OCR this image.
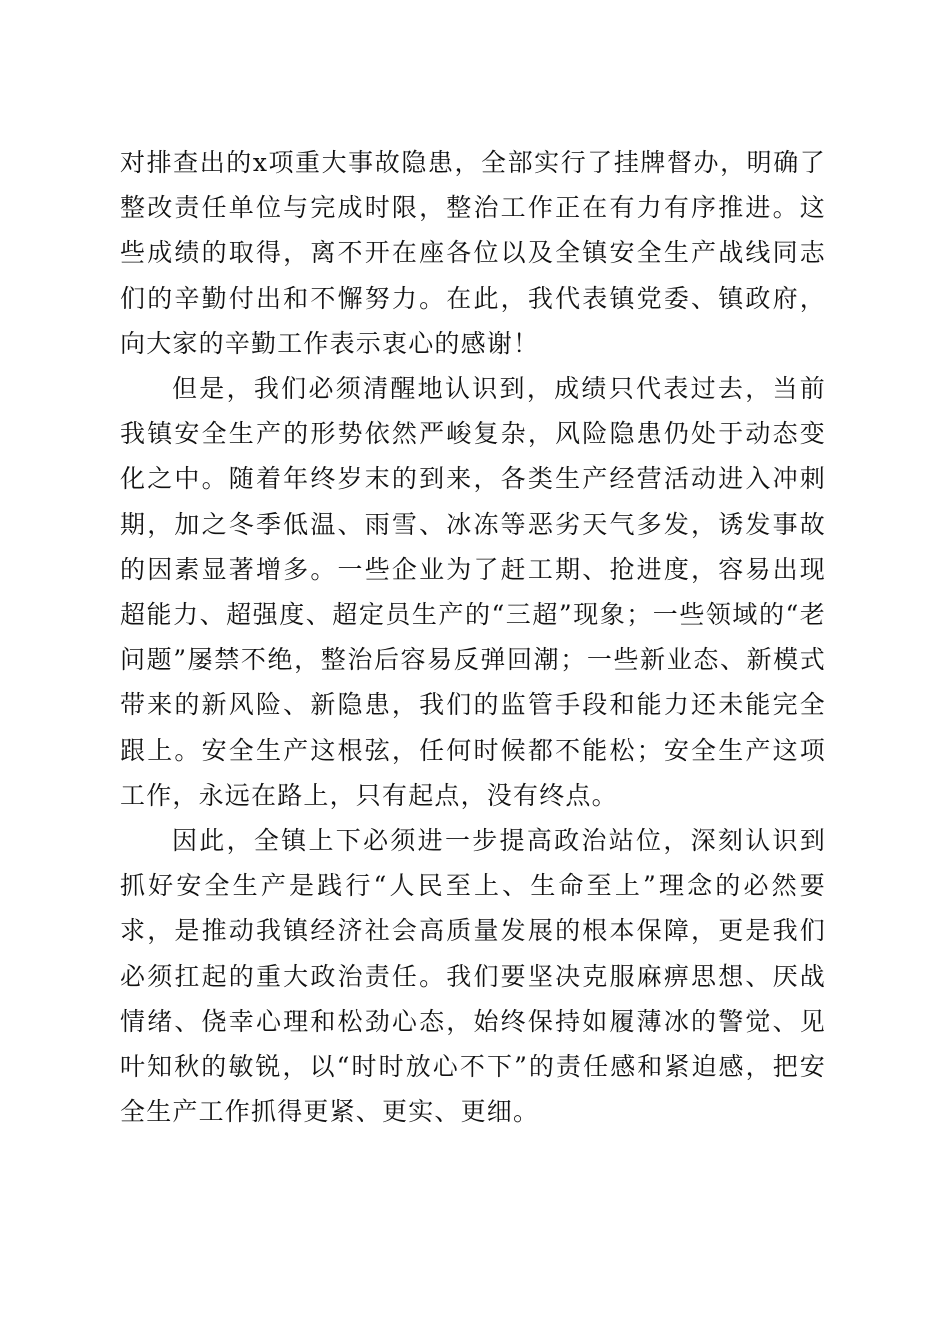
对排查出的x项重大事故隐患，全部实行了挂牌督办，明确了整改责任单位与完成时限，整治工作正在有力有序推进。这些成绩的取得，离不开在座各位以及全镇安全生产战线同志们的辛勤付出和不懈努力。在此，我代表镇党委、镇政府，向大家的辛勤工作表示衷心的感谢！

但是，我们必须清醒地认识到，成绩只代表过去，当前我镇安全生产的形势依然严峻复杂，风险隐患仍处于动态变化之中。随着年终岁末的到来，各类生产经营活动进入冲刺期，加之冬季低温、雨雪、冰冻等恶劣天气多发，诱发事故的因素显著增多。一些企业为了赶工期、抢进度，容易出现超能力、超强度、超定员生产的“三超”现象；一些领域的“老问题”屡禁不绝，整治后容易反弹回潮；一些新业态、新模式带来的新风险、新隐患，我们的监管手段和能力还未能完全跟上。安全生产这根弦，任何时候都不能松；安全生产这项工作，永远在路上，只有起点，没有终点。

因此，全镇上下必须进一步提高政治站位，深刻认识到抓好安全生产是践行“人民至上、生命至上”理念的必然要求，是推动我镇经济社会高质量发展的根本保障，更是我们必须扛起的重大政治责任。我们要坚决克服麻痹思想、厌战情绪、侥幸心理和松劲心态，始终保持如履薄冰的警觉、见叶知秋的敏锐，以“时时放心不下”的责任感和紧迫感，把安全生产工作抓得更紧、更实、更细。
